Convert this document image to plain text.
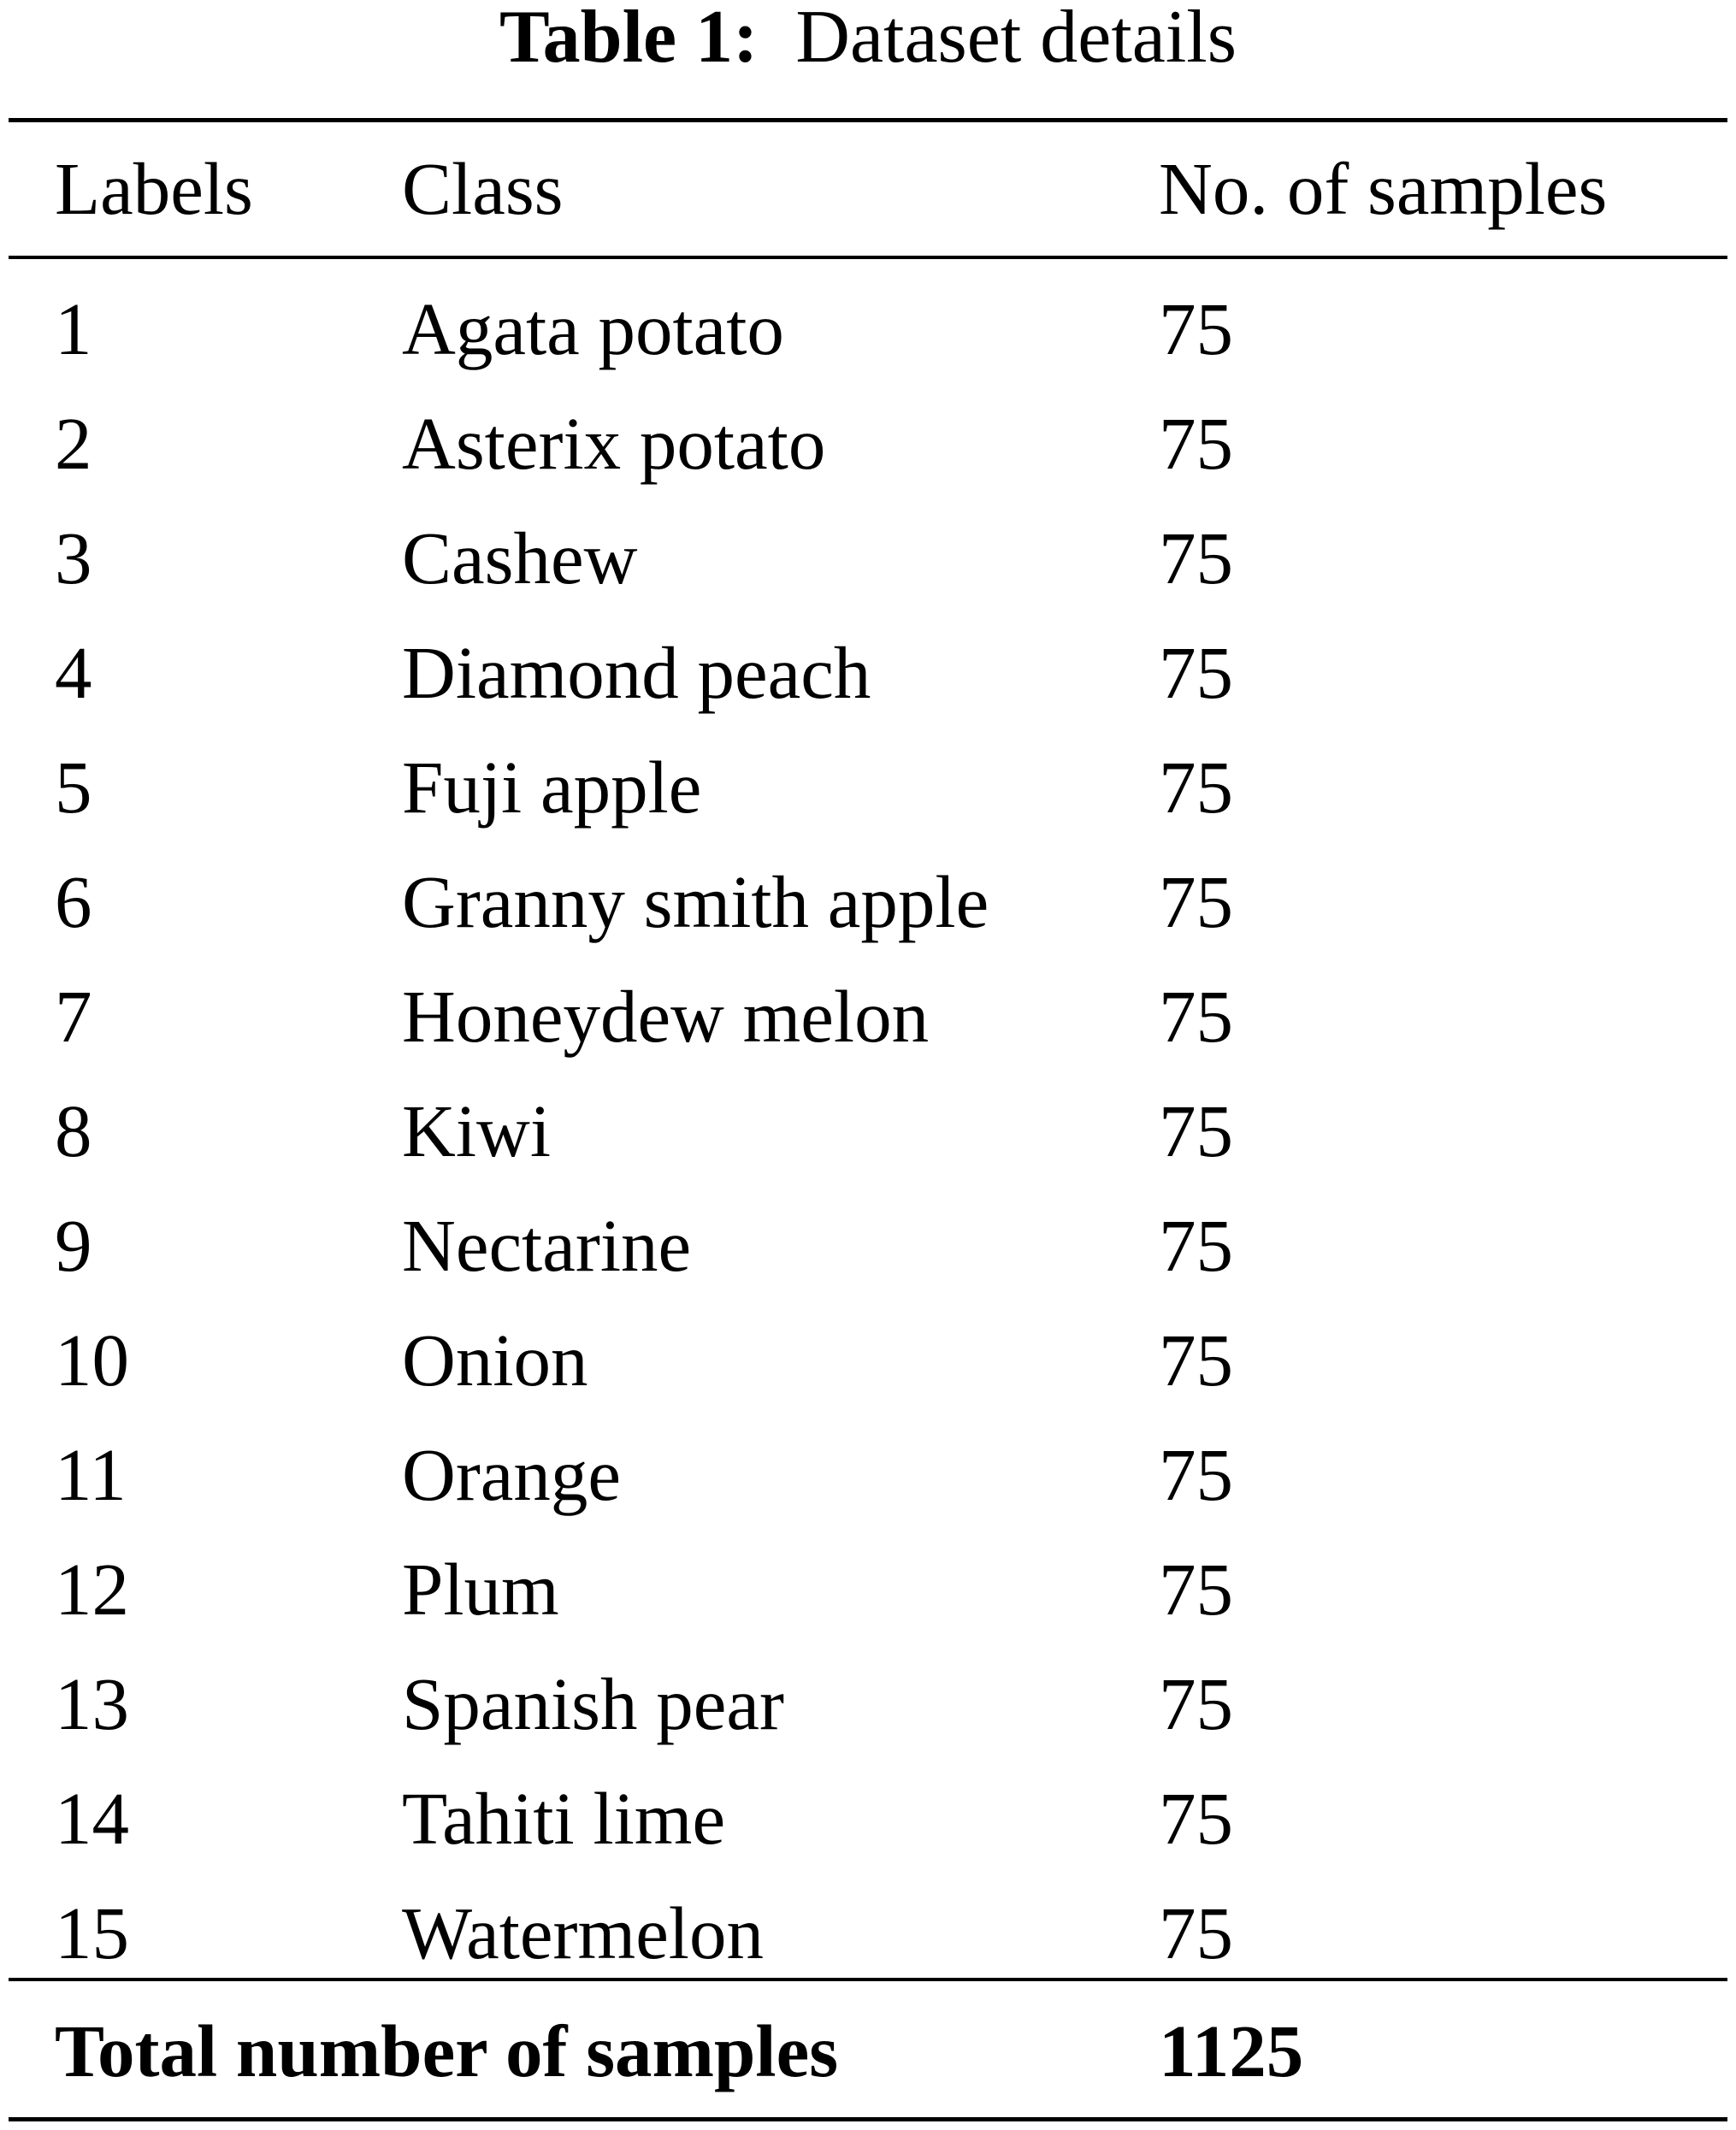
Table 1: Dataset details
Labels Class	No. of samples
1	Agata potato	75
2	Asterix potato	75
3	Cashew	75
4	Diamond peach	75
5	Fuji apple	75
6	Granny smith apple 75
7	Honeydew melon	75
8	Kiwi	75
9	Nectarine	75
10	Onion	75
11	Orange	75
12	Plum	75
13	Spanish pear	75
14	Tahiti lime	75
15	Watermelon	75
Total number of samples	1125
